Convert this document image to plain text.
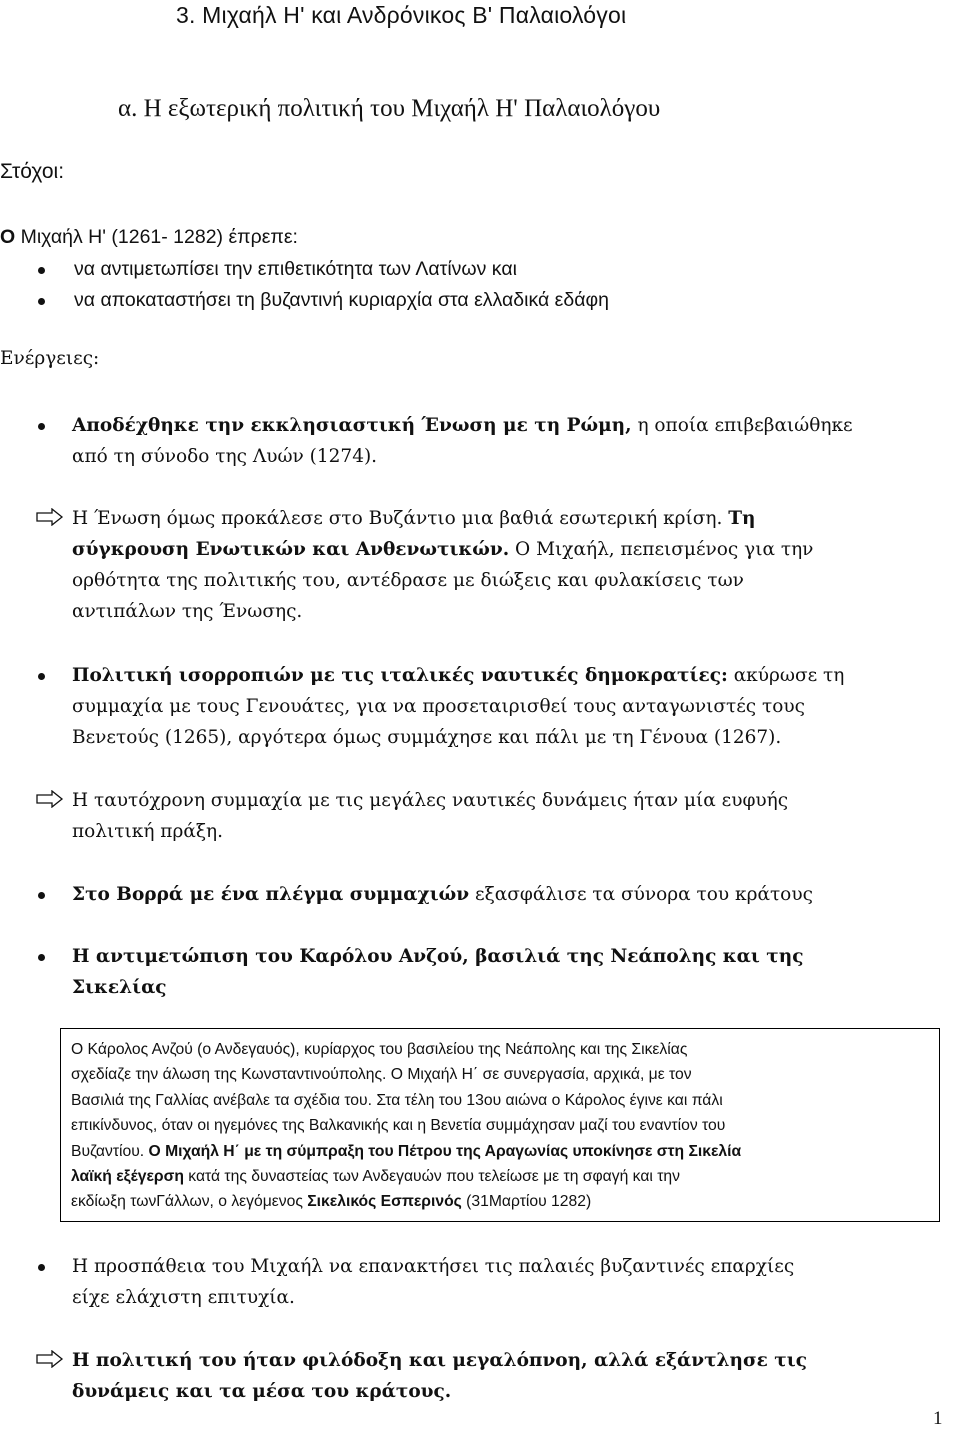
3. Μιχαήλ Η' και Ανδρόνικος Β' Παλαιολόγοι
α. Η εξωτερική πολιτική του Μιχαήλ Η' Παλαιολόγου
Στόχοι:
Ο Μιχαήλ Η' (1261- 1282) έπρεπε:
να αντιμετωπίσει την επιθετικότητα των Λατίνων και
να αποκαταστήσει τη βυζαντινή κυριαρχία στα ελλαδικά εδάφη
Ενέργειες:
Αποδέχθηκε την εκκλησιαστική Ένωση με τη Ρώμη, η οποία επιβεβαιώθηκε
από τη σύνοδο της Λυών (1274).
Η Ένωση όμως προκάλεσε στο Βυζάντιο μια βαθιά εσωτερική κρίση. Τη
σύγκρουση Ενωτικών και Ανθενωτικών. Ο Μιχαήλ, πεπεισμένος για την
ορθότητα της πολιτικής του, αντέδρασε με διώξεις και φυλακίσεις των
αντιπάλων της Ένωσης.
Πολιτική ισορροπιών με τις ιταλικές ναυτικές δημοκρατίες: ακύρωσε τη
συμμαχία με τους Γενουάτες, για να προσεταιρισθεί τους ανταγωνιστές τους
Βενετούς (1265), αργότερα όμως συμμάχησε και πάλι με τη Γένουα (1267).
Η ταυτόχρονη συμμαχία με τις μεγάλες ναυτικές δυνάμεις ήταν μία ευφυής
πολιτική πράξη.
Στο Βορρά με ένα πλέγμα συμμαχιών εξασφάλισε τα σύνορα του κράτους
Η αντιμετώπιση του Καρόλου Ανζού, βασιλιά της Νεάπολης και της
Σικελίας

Ο Κάρολος Ανζού (ο Ανδεγαυός), κυρίαρχος του βασιλείου της Νεάπολης και της Σικελίας

σχεδίαζε την άλωση της Κωνσταντινούπολης. Ο Μιχαήλ Η΄ σε συνεργασία, αρχικά, με τον

Βασιλιά της Γαλλίας ανέβαλε τα σχέδια του. Στα τέλη του 13ου αιώνα ο Κάρολος έγινε και πάλι

επικίνδυνος, όταν οι ηγεμόνες της Βαλκανικής και η Βενετία συμμάχησαν μαζί του εναντίον του

Βυζαντίου. Ο Μιχαήλ Η΄ με τη σύμπραξη του Πέτρου της Αραγωνίας υποκίνησε στη Σικελία

λαϊκή εξέγερση κατά της δυναστείας των Ανδεγαυών που τελείωσε με τη σφαγή και την

εκδίωξη τωνΓάλλων, ο λεγόμενος Σικελικός Εσπερινός (31Μαρτίου 1282)

Η προσπάθεια του Μιχαήλ να επανακτήσει τις παλαιές βυζαντινές επαρχίες
είχε ελάχιστη επιτυχία.
Η πολιτική του ήταν φιλόδοξη και μεγαλόπνοη, αλλά εξάντλησε τις
δυνάμεις και τα μέσα του κράτους.
1
